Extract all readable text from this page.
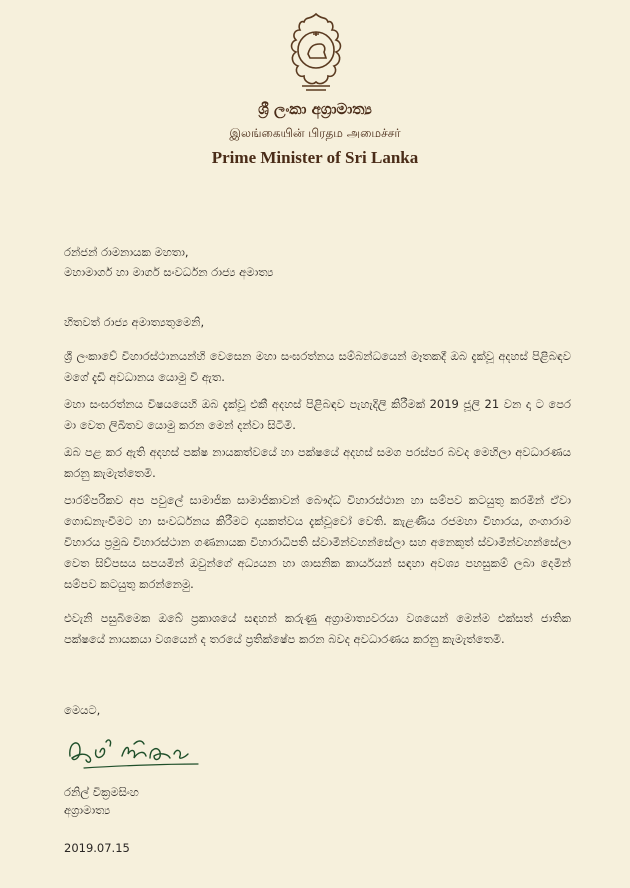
ශ්‍රී ලංකා අග්‍රාමාත්‍ය
இலங்கையின் பிரதம அமைச்சர்
Prime Minister of Sri Lanka
රන්ජන් රාමනායක මහතා,
මහාමාර්ග හා මාර්ග සංවර්ධන රාජ්‍ය අමාත්‍ය
හිතවත් රාජ්‍ය අමාත්‍යතුමෙනි,
ශ්‍රී ලංකාවේ විහාරස්ථානයන්හි වෙසෙන මහා සංඝරත්නය සම්බන්ධයෙන් මෑතකදී ඔබ දැක්වූ අදහස් පිළිබඳව මගේ දැඩි අවධානය යොමු වී ඇත.
මහා සංඝරත්නය විෂයයෙහි ඔබ දැක්වූ එකී අදහස් පිළිබඳව පැහැදිලි කිරීමක් 2019 ජූලි 21 වන දා ට පෙර මා වෙත ලිඛිතව යොමු කරන මෙන් දන්වා සිටිමි.
ඔබ පළ කර ඇති අදහස් පක්ෂ නායකත්වයේ හා පක්ෂයේ අදහස් සමග පරස්පර බවද මෙහිලා අවධාරණය කරනු කැමැත්තෙමි.
පාරම්පරිකව අප පවුලේ සාමාජික සාමාජිකාවන් බෞද්ධ විහාරස්ථාන හා සම්පව කටයුතු කරමින් ඒවා ගොඩනැංවීමට හා සංවර්ධනය කිරීමට දායකත්වය දැක්වූවෝ වෙති. කැළණිය රජමහා විහාරය, ගංගාරාම විහාරය ප්‍රමුඛ විහාරස්ථාන ගණනායක විහාරාධිපති ස්වාමීන්වහන්සේලා සහ අනෙකුත් ස්වාමීන්වහන්සේලා වෙත සිව්පසය සපයමින් ඔවුන්ගේ අධ්‍යයන හා ශාසනික කාර්යයන් සඳහා අවශ්‍ය පහසුකම් ලබා දෙමින් සම්පව කටයුතු කරන්නෙමු.
එවැනි පසුබිමෙක ඔබේ ප්‍රකාශයේ සඳහන් කරුණු අග්‍රාමාත්‍යවරයා වශයෙන් මෙන්ම එක්සත් ජාතික පක්ෂයේ නායකයා වශයෙන් ද තරයේ ප්‍රතික්ෂේප කරන බවද අවධාරණය කරනු කැමැත්තෙමි.
මෙයට,
රනිල් වික්‍රමසිංහ
අග්‍රාමාත්‍ය
2019.07.15
